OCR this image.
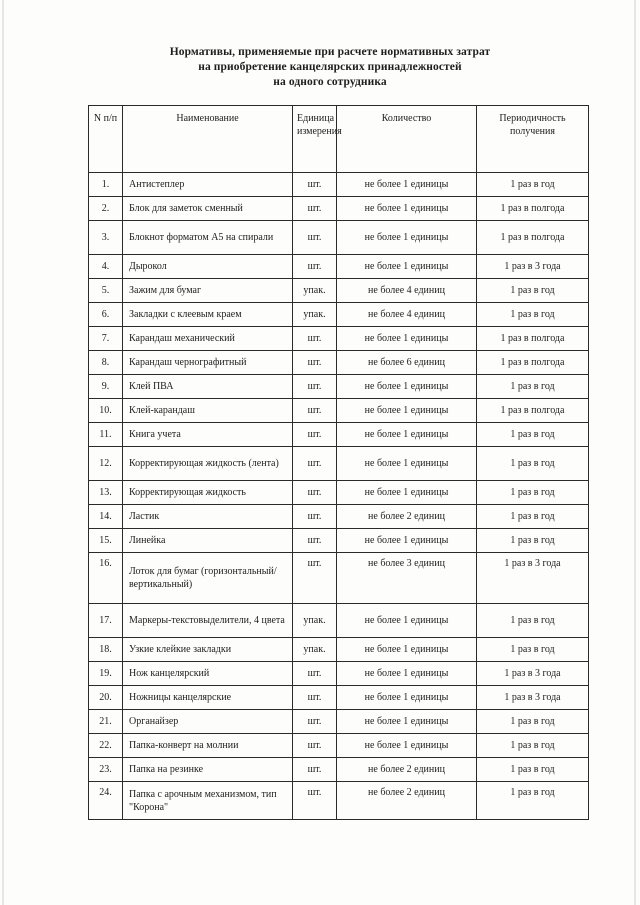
Нормативы, применяемые при расчете нормативных затрат
на приобретение канцелярских принадлежностей
на одного сотрудника
N п/п	Наименование	Единица измерения	Количество	Периодичность получения
1.	Антистеплер	шт.	не более 1 единицы	1 раз в год
2.	Блок для заметок сменный	шт.	не более 1 единицы	1 раз в полгода
3.	Блокнот форматом А5 на спирали	шт.	не более 1 единицы	1 раз в полгода
4.	Дырокол	шт.	не более 1 единицы	1 раз в 3 года
5.	Зажим для бумаг	упак.	не более 4 единиц	1 раз в год
6.	Закладки с клеевым краем	упак.	не более 4 единиц	1 раз в год
7.	Карандаш механический	шт.	не более 1 единицы	1 раз в полгода
8.	Карандаш чернографитный	шт.	не более 6 единиц	1 раз в полгода
9.	Клей ПВА	шт.	не более 1 единицы	1 раз в год
10.	Клей-карандаш	шт.	не более 1 единицы	1 раз в полгода
11.	Книга учета	шт.	не более 1 единицы	1 раз в год
12.	Корректирующая жидкость (лента)	шт.	не более 1 единицы	1 раз в год
13.	Корректирующая жидкость	шт.	не более 1 единицы	1 раз в год
14.	Ластик	шт.	не более 2 единиц	1 раз в год
15.	Линейка	шт.	не более 1 единицы	1 раз в год
16.	Лоток для бумаг (горизонтальный/ вертикальный)	шт.	не более 3 единиц	1 раз в 3 года
17.	Маркеры-текстовыделители, 4 цвета	упак.	не более 1 единицы	1 раз в год
18.	Узкие клейкие закладки	упак.	не более 1 единицы	1 раз в год
19.	Нож канцелярский	шт.	не более 1 единицы	1 раз в 3 года
20.	Ножницы канцелярские	шт.	не более 1 единицы	1 раз в 3 года
21.	Органайзер	шт.	не более 1 единицы	1 раз в год
22.	Папка-конверт на молнии	шт.	не более 1 единицы	1 раз в год
23.	Папка на резинке	шт.	не более 2 единиц	1 раз в год
24.	Папка с арочным механизмом, тип "Корона"	шт.	не более 2 единиц	1 раз в год
